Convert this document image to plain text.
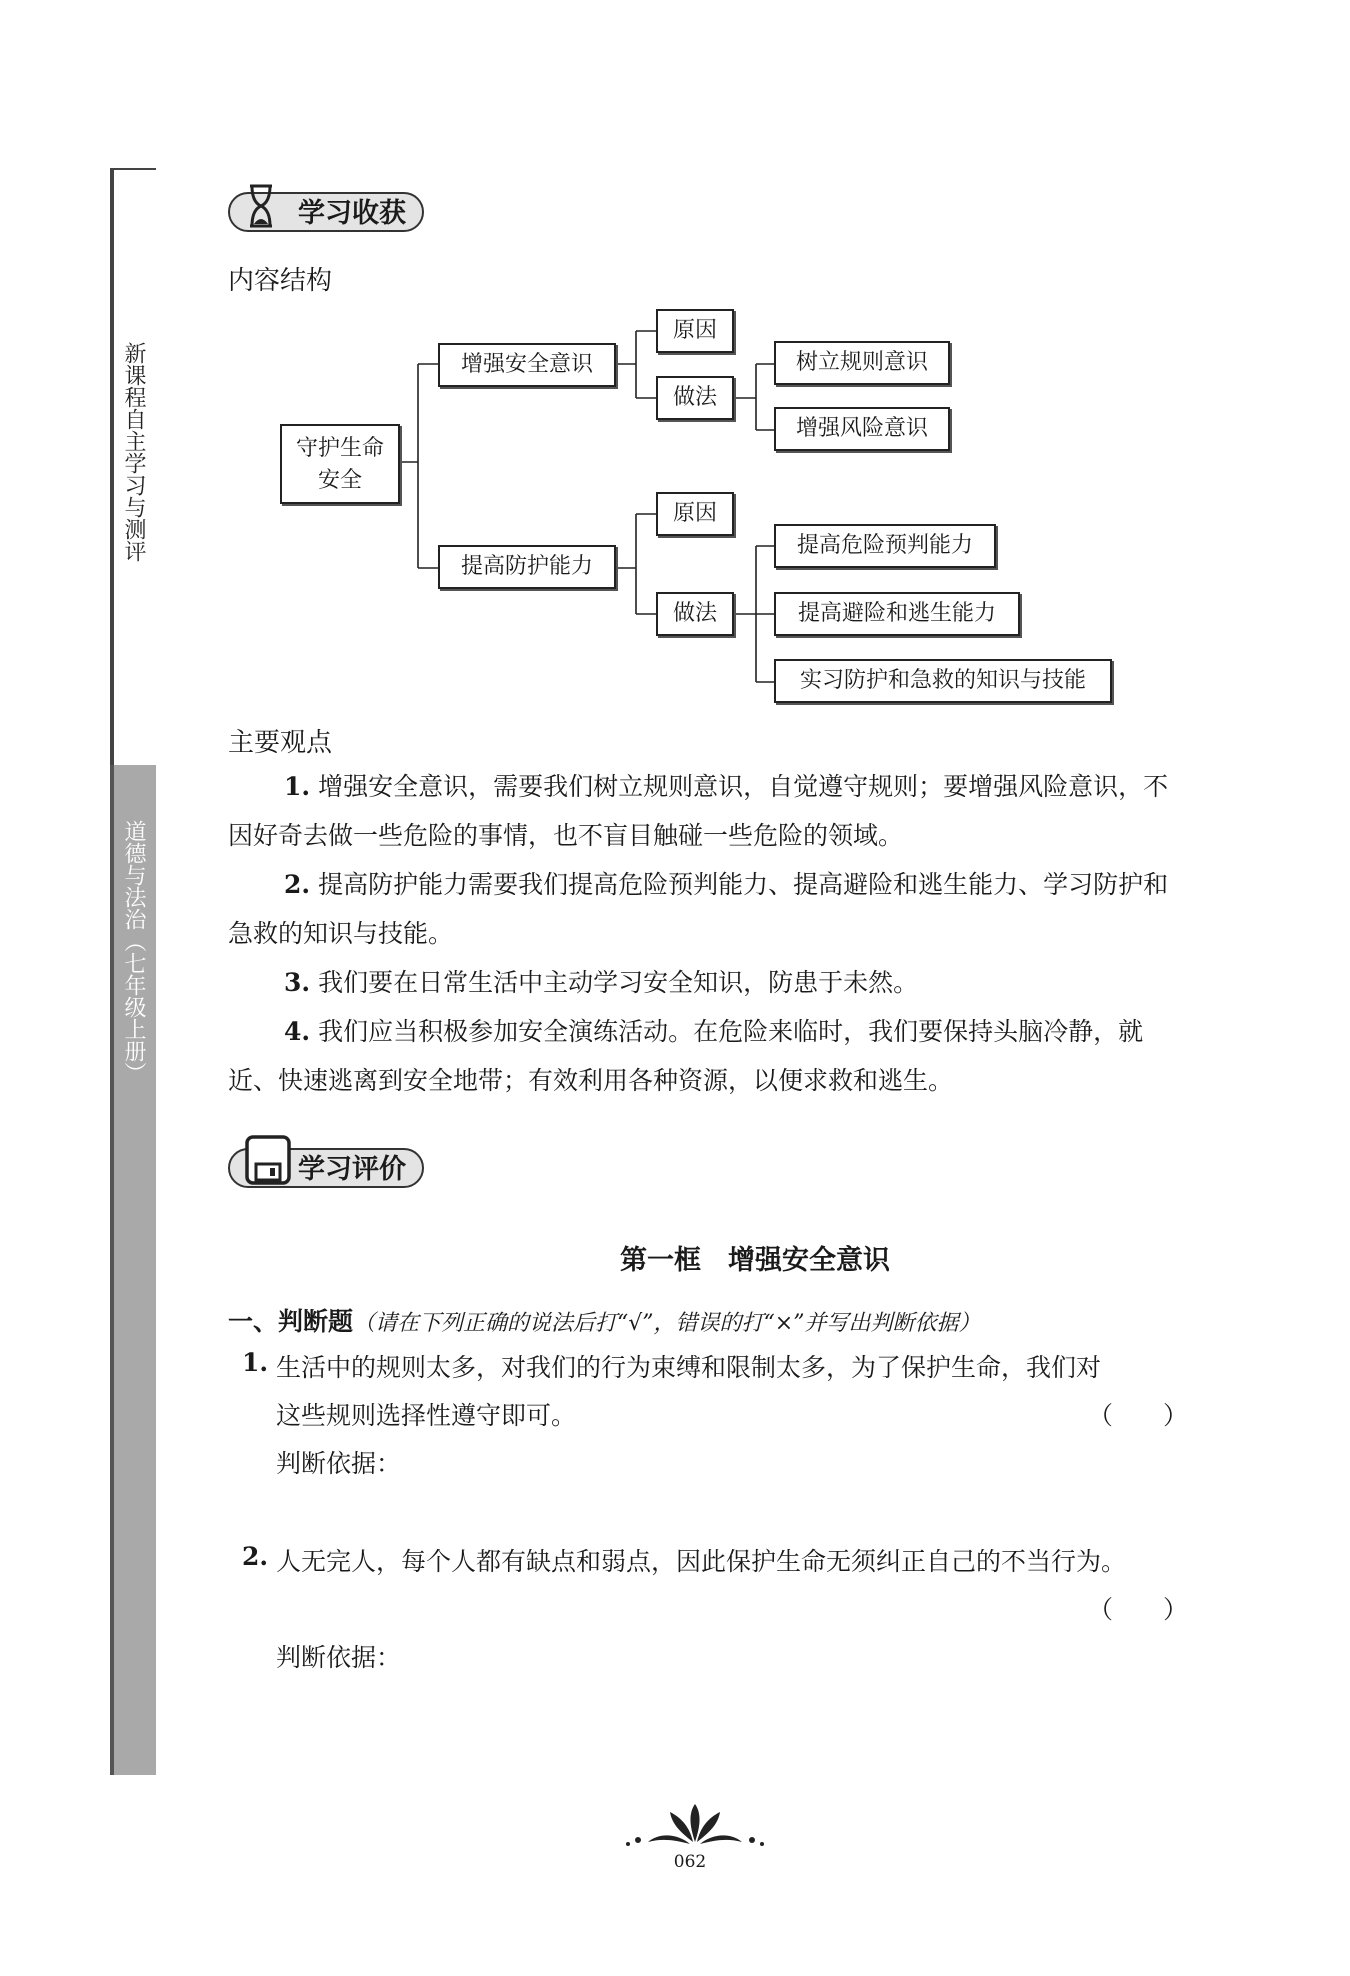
新课程自主学习与测评
道德与法治（七年级上册）
学习收获
内容结构
守护生命安全
增强安全意识
原因
做法
树立规则意识
增强风险意识
提高防护能力
原因
做法
提高危险预判能力
提高避险和逃生能力
实习防护和急救的知识与技能
主要观点
1. 增强安全意识，需要我们树立规则意识，自觉遵守规则；要增强风险意识，不因好奇去做一些危险的事情，也不盲目触碰一些危险的领域。
2. 提高防护能力需要我们提高危险预判能力、提高避险和逃生能力、学习防护和急救的知识与技能。
3. 我们要在日常生活中主动学习安全知识，防患于未然。
4. 我们应当积极参加安全演练活动。在危险来临时，我们要保持头脑冷静，就近、快速逃离到安全地带；有效利用各种资源，以便求救和逃生。
学习评价
第一框　增强安全意识
一、判断题（请在下列正确的说法后打“√”，错误的打“×”并写出判断依据）
1. 生活中的规则太多，对我们的行为束缚和限制太多，为了保护生命，我们对
这些规则选择性遵守即可。	（　　）
判断依据：
2. 人无完人，每个人都有缺点和弱点，因此保护生命无须纠正自己的不当行为。
（　　）
判断依据：
062
